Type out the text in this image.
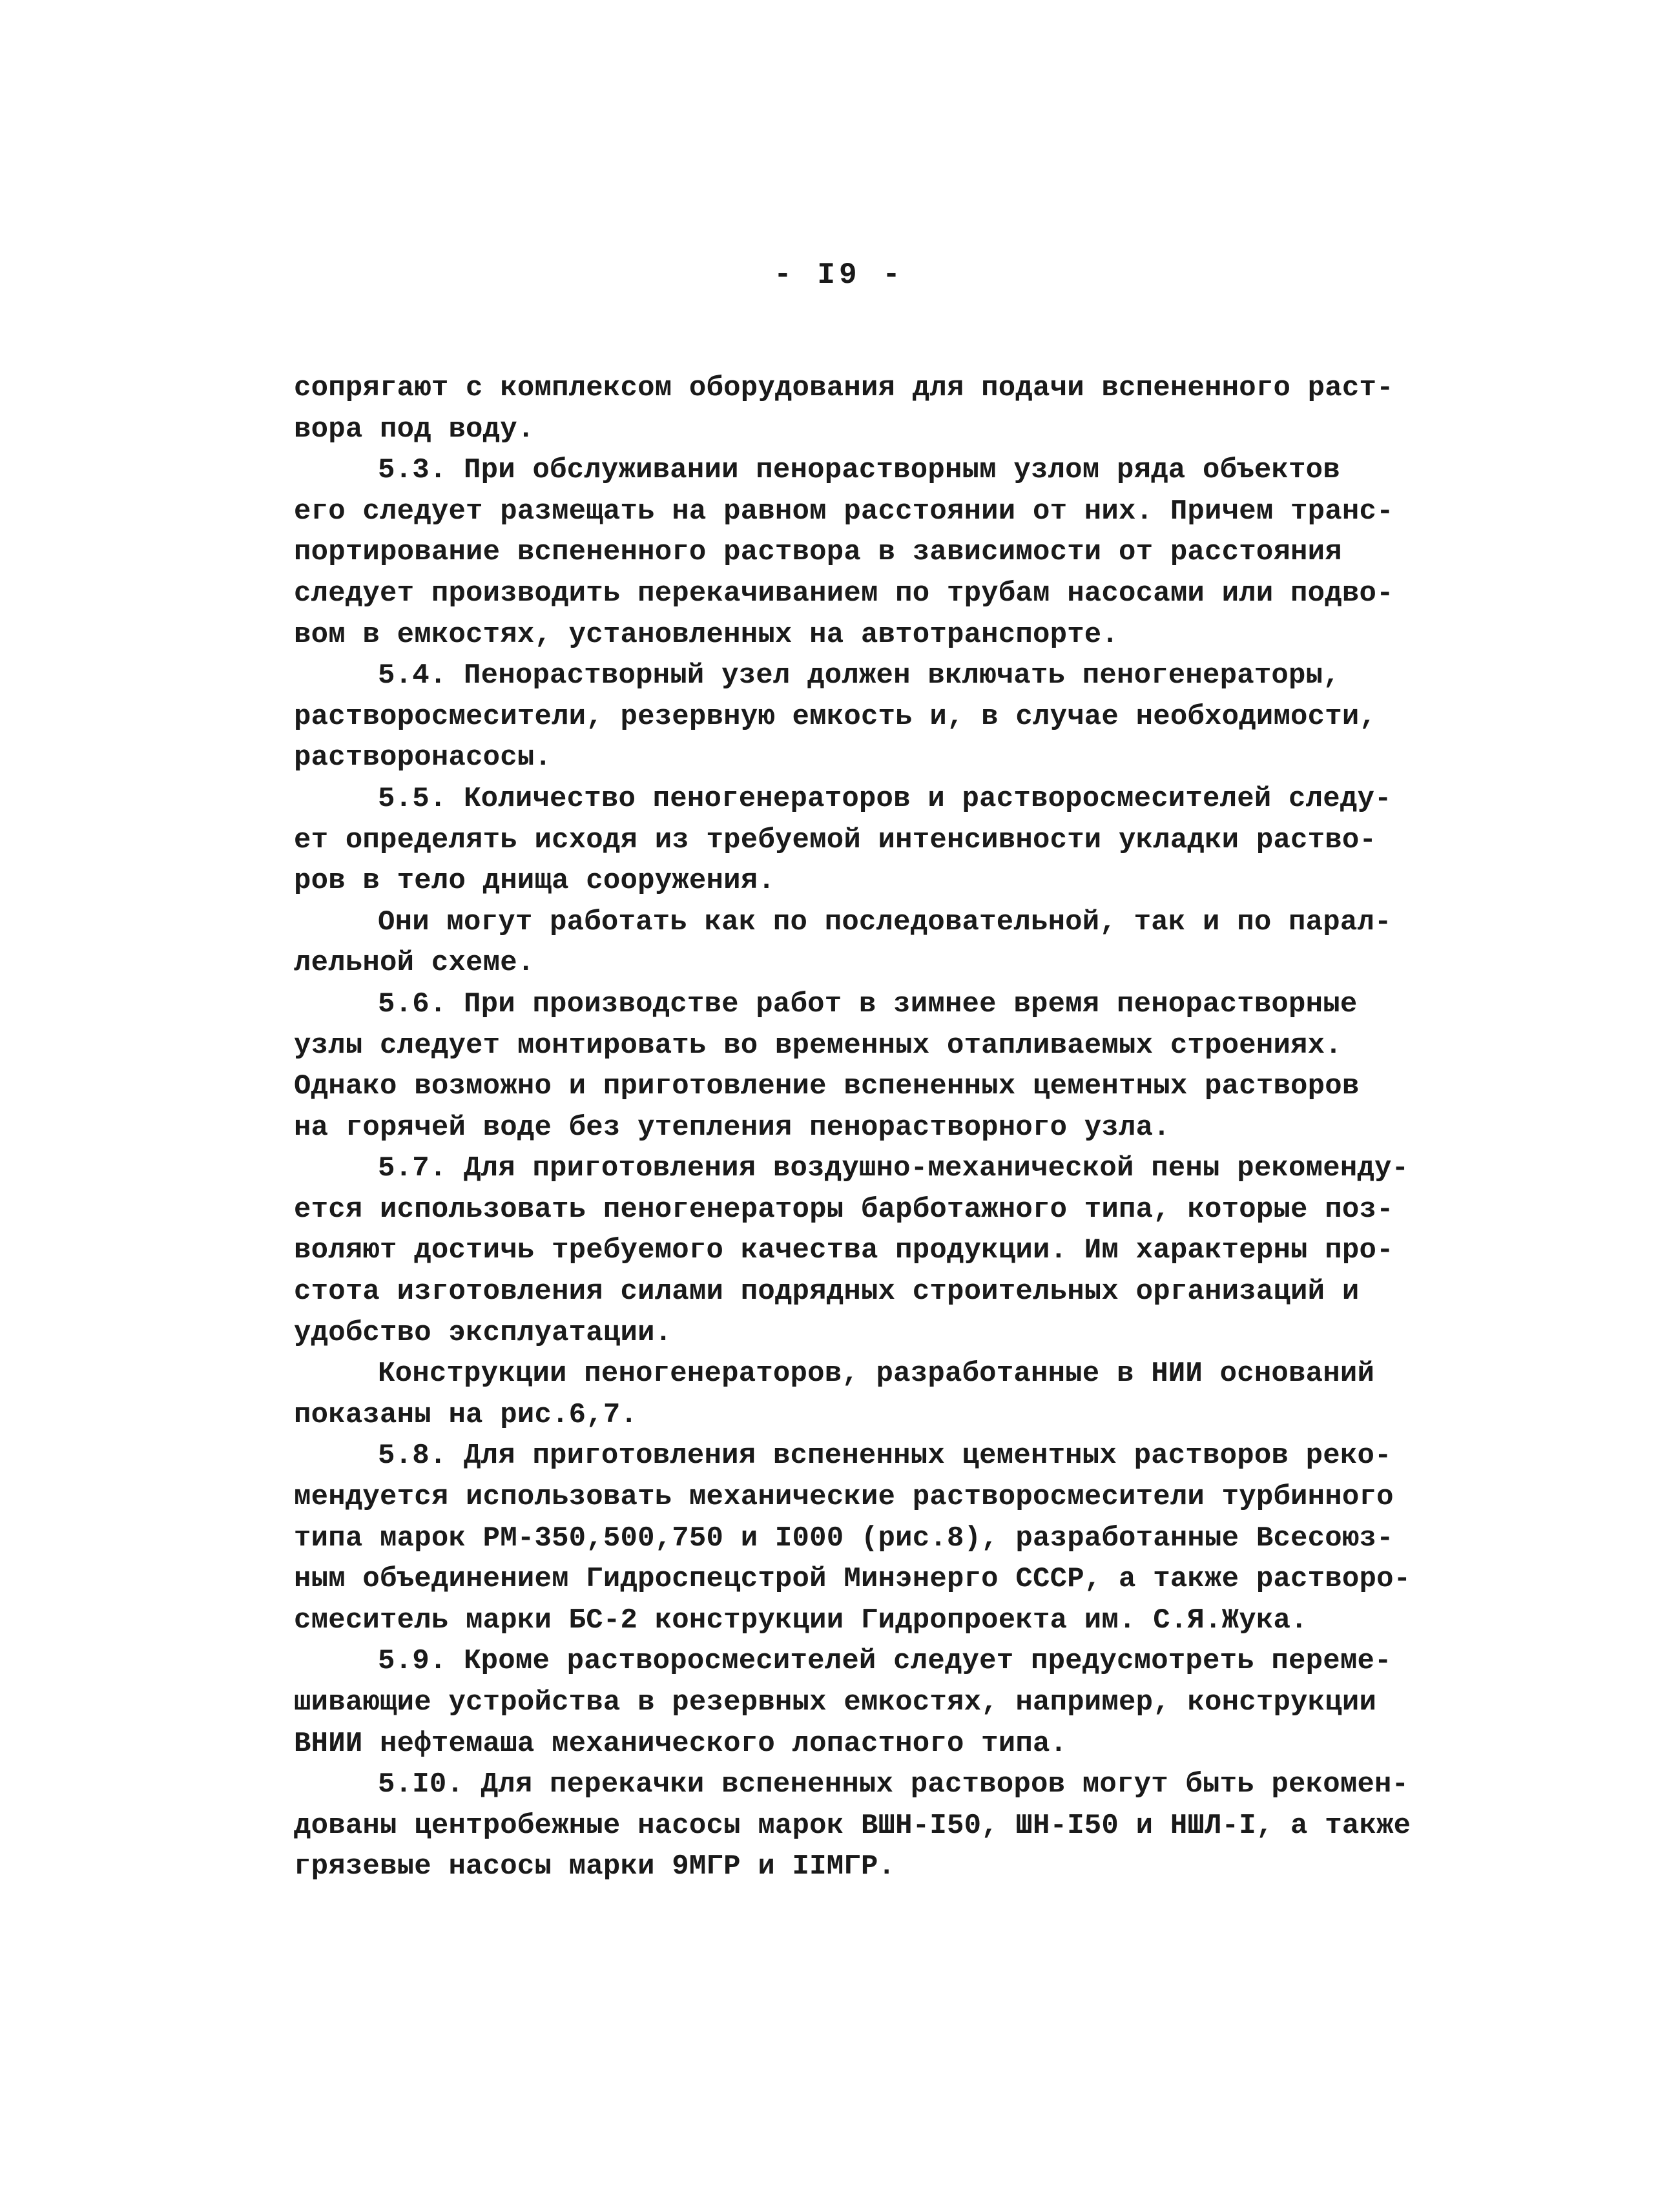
- I9 -
сопрягают с комплексом оборудования для подачи вспененного раст-
вора под воду.
5.3. При обслуживании пенорастворным узлом ряда объектов
его следует размещать на равном расстоянии от них. Причем транс-
портирование вспененного раствора в зависимости от расстояния
следует производить перекачиванием по трубам насосами или подво-
вом в емкостях, установленных на автотранспорте.
5.4. Пенорастворный узел должен включать пеногенераторы,
растворосмесители, резервную емкость и, в случае необходимости,
растворонасосы.
5.5. Количество пеногенераторов и растворосмесителей следу-
ет определять исходя из требуемой интенсивности укладки раство-
ров в тело днища сооружения.
Они могут работать как по последовательной, так и по парал-
лельной схеме.
5.6. При производстве работ в зимнее время пенорастворные
узлы следует монтировать во временных отапливаемых строениях.
Однако возможно и приготовление вспененных цементных растворов
на горячей воде без утепления пенорастворного узла.
5.7. Для приготовления воздушно-механической пены рекоменду-
ется использовать пеногенераторы барботажного типа, которые поз-
воляют достичь требуемого качества продукции. Им характерны про-
стота изготовления силами подрядных строительных организаций и
удобство эксплуатации.
Конструкции пеногенераторов, разработанные в НИИ оснований
показаны на рис.6,7.
5.8. Для приготовления вспененных цементных растворов реко-
мендуется использовать механические растворосмесители турбинного
типа марок РМ-350,500,750 и I000 (рис.8), разработанные Всесоюз-
ным объединением Гидроспецстрой Минэнерго СССР, а также растворо-
смеситель марки БС-2 конструкции Гидропроекта им. С.Я.Жука.
5.9. Кроме растворосмесителей следует предусмотреть переме-
шивающие устройства в резервных емкостях, например, конструкции
ВНИИ нефтемаша механического лопастного типа.
5.I0. Для перекачки вспененных растворов могут быть рекомен-
дованы центробежные насосы марок ВШН-I50, ШН-I50 и НШЛ-I, а также
грязевые насосы марки 9МГР и IIМГР.
